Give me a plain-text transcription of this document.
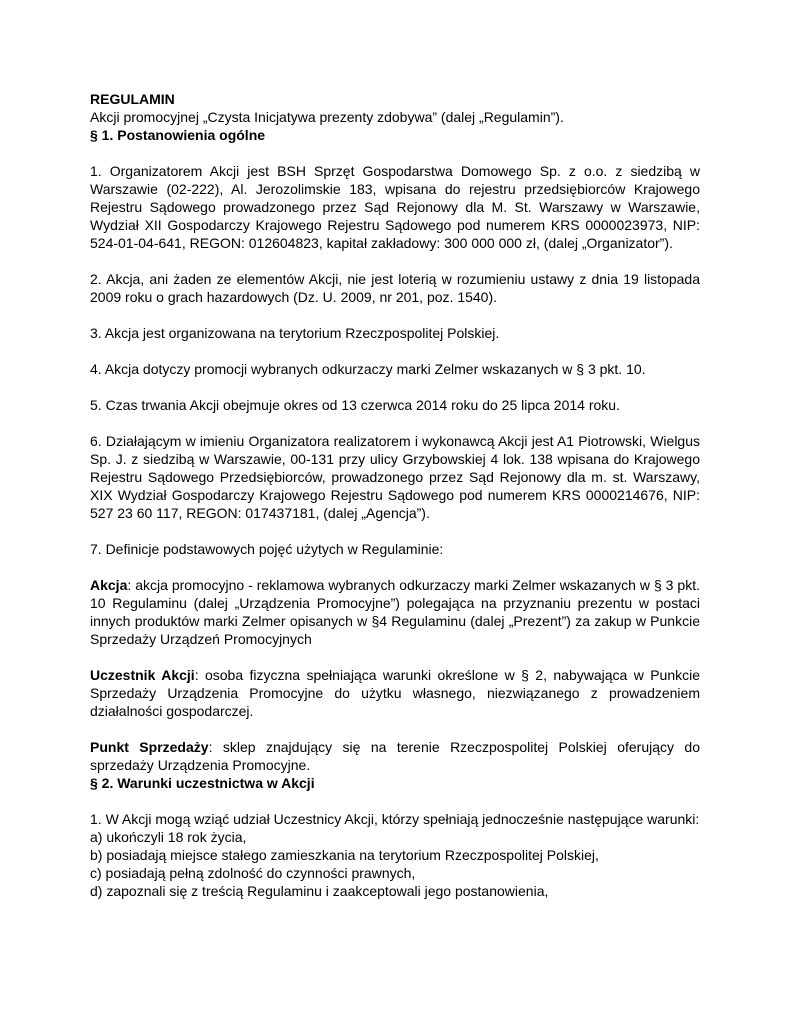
REGULAMIN

Akcji promocyjnej „Czysta Inicjatywa prezenty zdobywa” (dalej „Regulamin”).

§ 1. Postanowienia ogólne

1. Organizatorem Akcji jest BSH Sprzęt Gospodarstwa Domowego Sp. z o.o. z siedzibą w Warszawie (02-222), Al. Jerozolimskie 183, wpisana do rejestru przedsiębiorców Krajowego Rejestru Sądowego prowadzonego przez Sąd Rejonowy dla M. St. Warszawy w Warszawie, Wydział XII Gospodarczy Krajowego Rejestru Sądowego pod numerem KRS 0000023973, NIP: 524-01-04-641, REGON: 012604823, kapitał zakładowy: 300 000 000 zł, (dalej „Organizator”).

2. Akcja, ani żaden ze elementów Akcji, nie jest loterią w rozumieniu ustawy z dnia 19 listopada 2009 roku o grach hazardowych (Dz. U. 2009, nr 201, poz. 1540).

3. Akcja jest organizowana na terytorium Rzeczpospolitej Polskiej.

4. Akcja dotyczy promocji wybranych odkurzaczy marki Zelmer wskazanych w § 3 pkt. 10.

5. Czas trwania Akcji obejmuje okres od 13 czerwca 2014 roku do 25 lipca 2014 roku.

6. Działającym w imieniu Organizatora realizatorem i wykonawcą Akcji jest A1 Piotrowski, Wielgus Sp. J. z siedzibą w Warszawie, 00-131 przy ulicy Grzybowskiej 4 lok. 138 wpisana do Krajowego Rejestru Sądowego Przedsiębiorców, prowadzonego przez Sąd Rejonowy dla m. st. Warszawy, XIX Wydział Gospodarczy Krajowego Rejestru Sądowego pod numerem KRS 0000214676, NIP: 527 23 60 117, REGON: 017437181, (dalej „Agencja”).

7. Definicje podstawowych pojęć użytych w Regulaminie:

Akcja: akcja promocyjno - reklamowa wybranych odkurzaczy marki Zelmer wskazanych w § 3 pkt. 10 Regulaminu (dalej „Urządzenia Promocyjne”) polegająca na przyznaniu prezentu w postaci innych produktów marki Zelmer opisanych w §4 Regulaminu (dalej „Prezent”) za zakup w Punkcie Sprzedaży Urządzeń Promocyjnych

Uczestnik Akcji: osoba fizyczna spełniająca warunki określone w § 2, nabywająca w Punkcie Sprzedaży Urządzenia Promocyjne do użytku własnego, niezwiązanego z prowadzeniem działalności gospodarczej.

Punkt Sprzedaży: sklep znajdujący się na terenie Rzeczpospolitej Polskiej oferujący do sprzedaży Urządzenia Promocyjne.

§ 2. Warunki uczestnictwa w Akcji

1. W Akcji mogą wziąć udział Uczestnicy Akcji, którzy spełniają jednocześnie następujące warunki:

a) ukończyli 18 rok życia,

b) posiadają miejsce stałego zamieszkania na terytorium Rzeczpospolitej Polskiej,

c) posiadają pełną zdolność do czynności prawnych,

d) zapoznali się z treścią Regulaminu i zaakceptowali jego postanowienia,
